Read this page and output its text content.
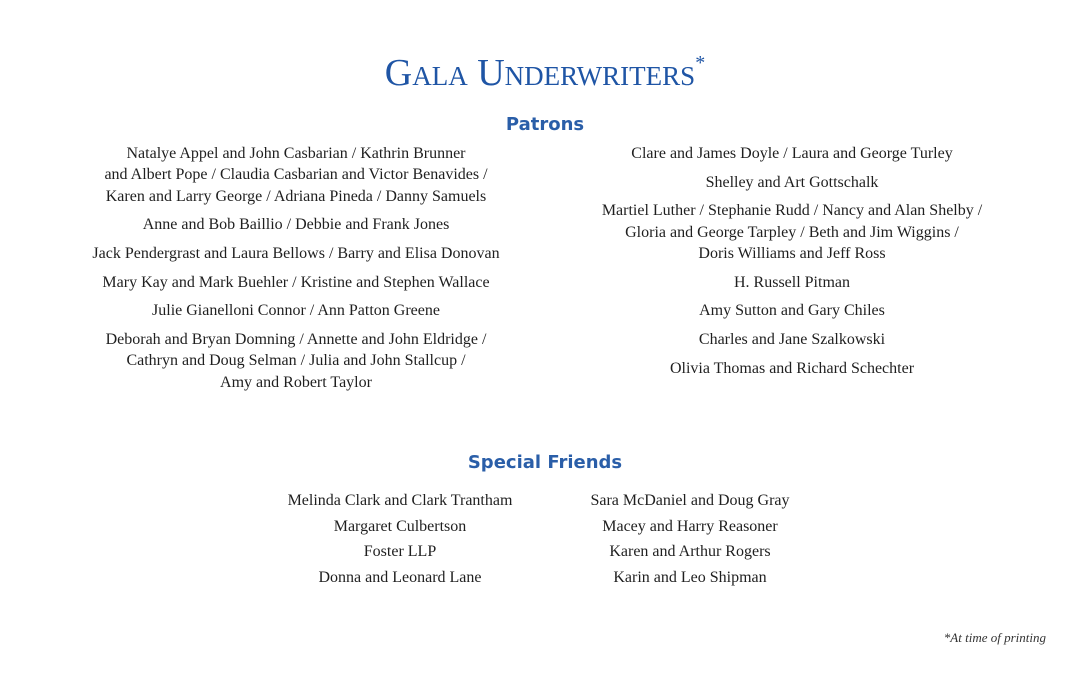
Gala Underwriters*
Patrons
Natalye Appel and John Casbarian / Kathrin Brunner
and Albert Pope / Claudia Casbarian and Victor Benavides /
Karen and Larry George / Adriana Pineda / Danny Samuels
Anne and Bob Baillio / Debbie and Frank Jones
Jack Pendergrast and Laura Bellows / Barry and Elisa Donovan
Mary Kay and Mark Buehler / Kristine and Stephen Wallace
Julie Gianelloni Connor / Ann Patton Greene
Deborah and Bryan Domning / Annette and John Eldridge /
Cathryn and Doug Selman / Julia and John Stallcup /
Amy and Robert Taylor
Clare and James Doyle / Laura and George Turley
Shelley and Art Gottschalk
Martiel Luther / Stephanie Rudd / Nancy and Alan Shelby /
Gloria and George Tarpley / Beth and Jim Wiggins /
Doris Williams and Jeff Ross
H. Russell Pitman
Amy Sutton and Gary Chiles
Charles and Jane Szalkowski
Olivia Thomas and Richard Schechter
Special Friends
Melinda Clark and Clark Trantham
Margaret Culbertson
Foster LLP
Donna and Leonard Lane
Sara McDaniel and Doug Gray
Macey and Harry Reasoner
Karen and Arthur Rogers
Karin and Leo Shipman
*At time of printing
